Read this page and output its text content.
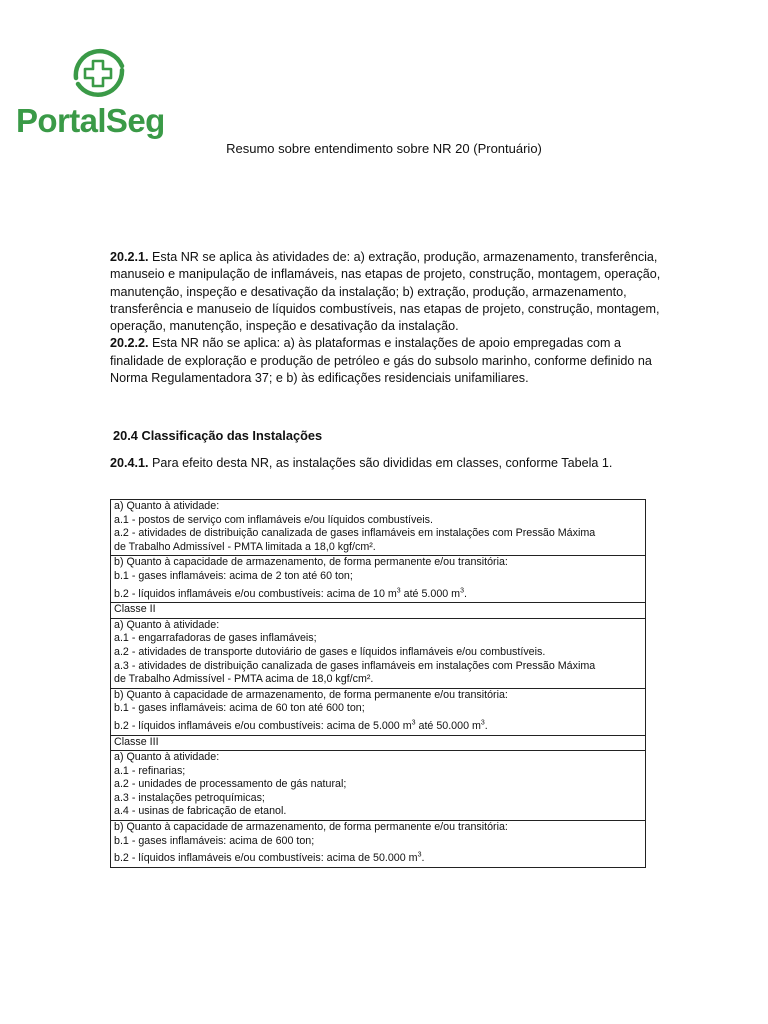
PortalSeg
Resumo sobre entendimento sobre NR 20 (Prontuário)
20.2.1. Esta NR se aplica às atividades de: a) extração, produção, armazenamento, transferência, manuseio e manipulação de inflamáveis, nas etapas de projeto, construção, montagem, operação, manutenção, inspeção e desativação da instalação; b) extração, produção, armazenamento, transferência e manuseio de líquidos combustíveis, nas etapas de projeto, construção, montagem, operação, manutenção, inspeção e desativação da instalação.
20.2.2. Esta NR não se aplica: a) às plataformas e instalações de apoio empregadas com a finalidade de exploração e produção de petróleo e gás do subsolo marinho, conforme definido na Norma Regulamentadora 37; e b) às edificações residenciais unifamiliares.
20.4 Classificação das Instalações
20.4.1. Para efeito desta NR, as instalações são divididas em classes, conforme Tabela 1.
a) Quanto à atividade:
a.1 - postos de serviço com inflamáveis e/ou líquidos combustíveis.
a.2 - atividades de distribuição canalizada de gases inflamáveis em instalações com Pressão Máxima
de Trabalho Admissível - PMTA limitada a 18,0 kgf/cm².

b) Quanto à capacidade de armazenamento, de forma permanente e/ou transitória:
b.1 - gases inflamáveis: acima de 2 ton até 60 ton;
b.2 - líquidos inflamáveis e/ou combustíveis: acima de 10 $m^3$ até 5.000 $m^3$.

Classe II

a) Quanto à atividade:
a.1 - engarrafadoras de gases inflamáveis;
a.2 - atividades de transporte dutoviário de gases e líquidos inflamáveis e/ou combustíveis.
a.3 - atividades de distribuição canalizada de gases inflamáveis em instalações com Pressão Máxima
de Trabalho Admissível - PMTA acima de 18,0 kgf/cm².

b) Quanto à capacidade de armazenamento, de forma permanente e/ou transitória:
b.1 - gases inflamáveis: acima de 60 ton até 600 ton;
b.2 - líquidos inflamáveis e/ou combustíveis: acima de 5.000 $m^3$ até 50.000 $m^3$.

Classe III

a) Quanto à atividade:
a.1 - refinarias;
a.2 - unidades de processamento de gás natural;
a.3 - instalações petroquímicas;
a.4 - usinas de fabricação de etanol.

b) Quanto à capacidade de armazenamento, de forma permanente e/ou transitória:
b.1 - gases inflamáveis: acima de 600 ton;
b.2 - líquidos inflamáveis e/ou combustíveis: acima de 50.000 $m^3$.
